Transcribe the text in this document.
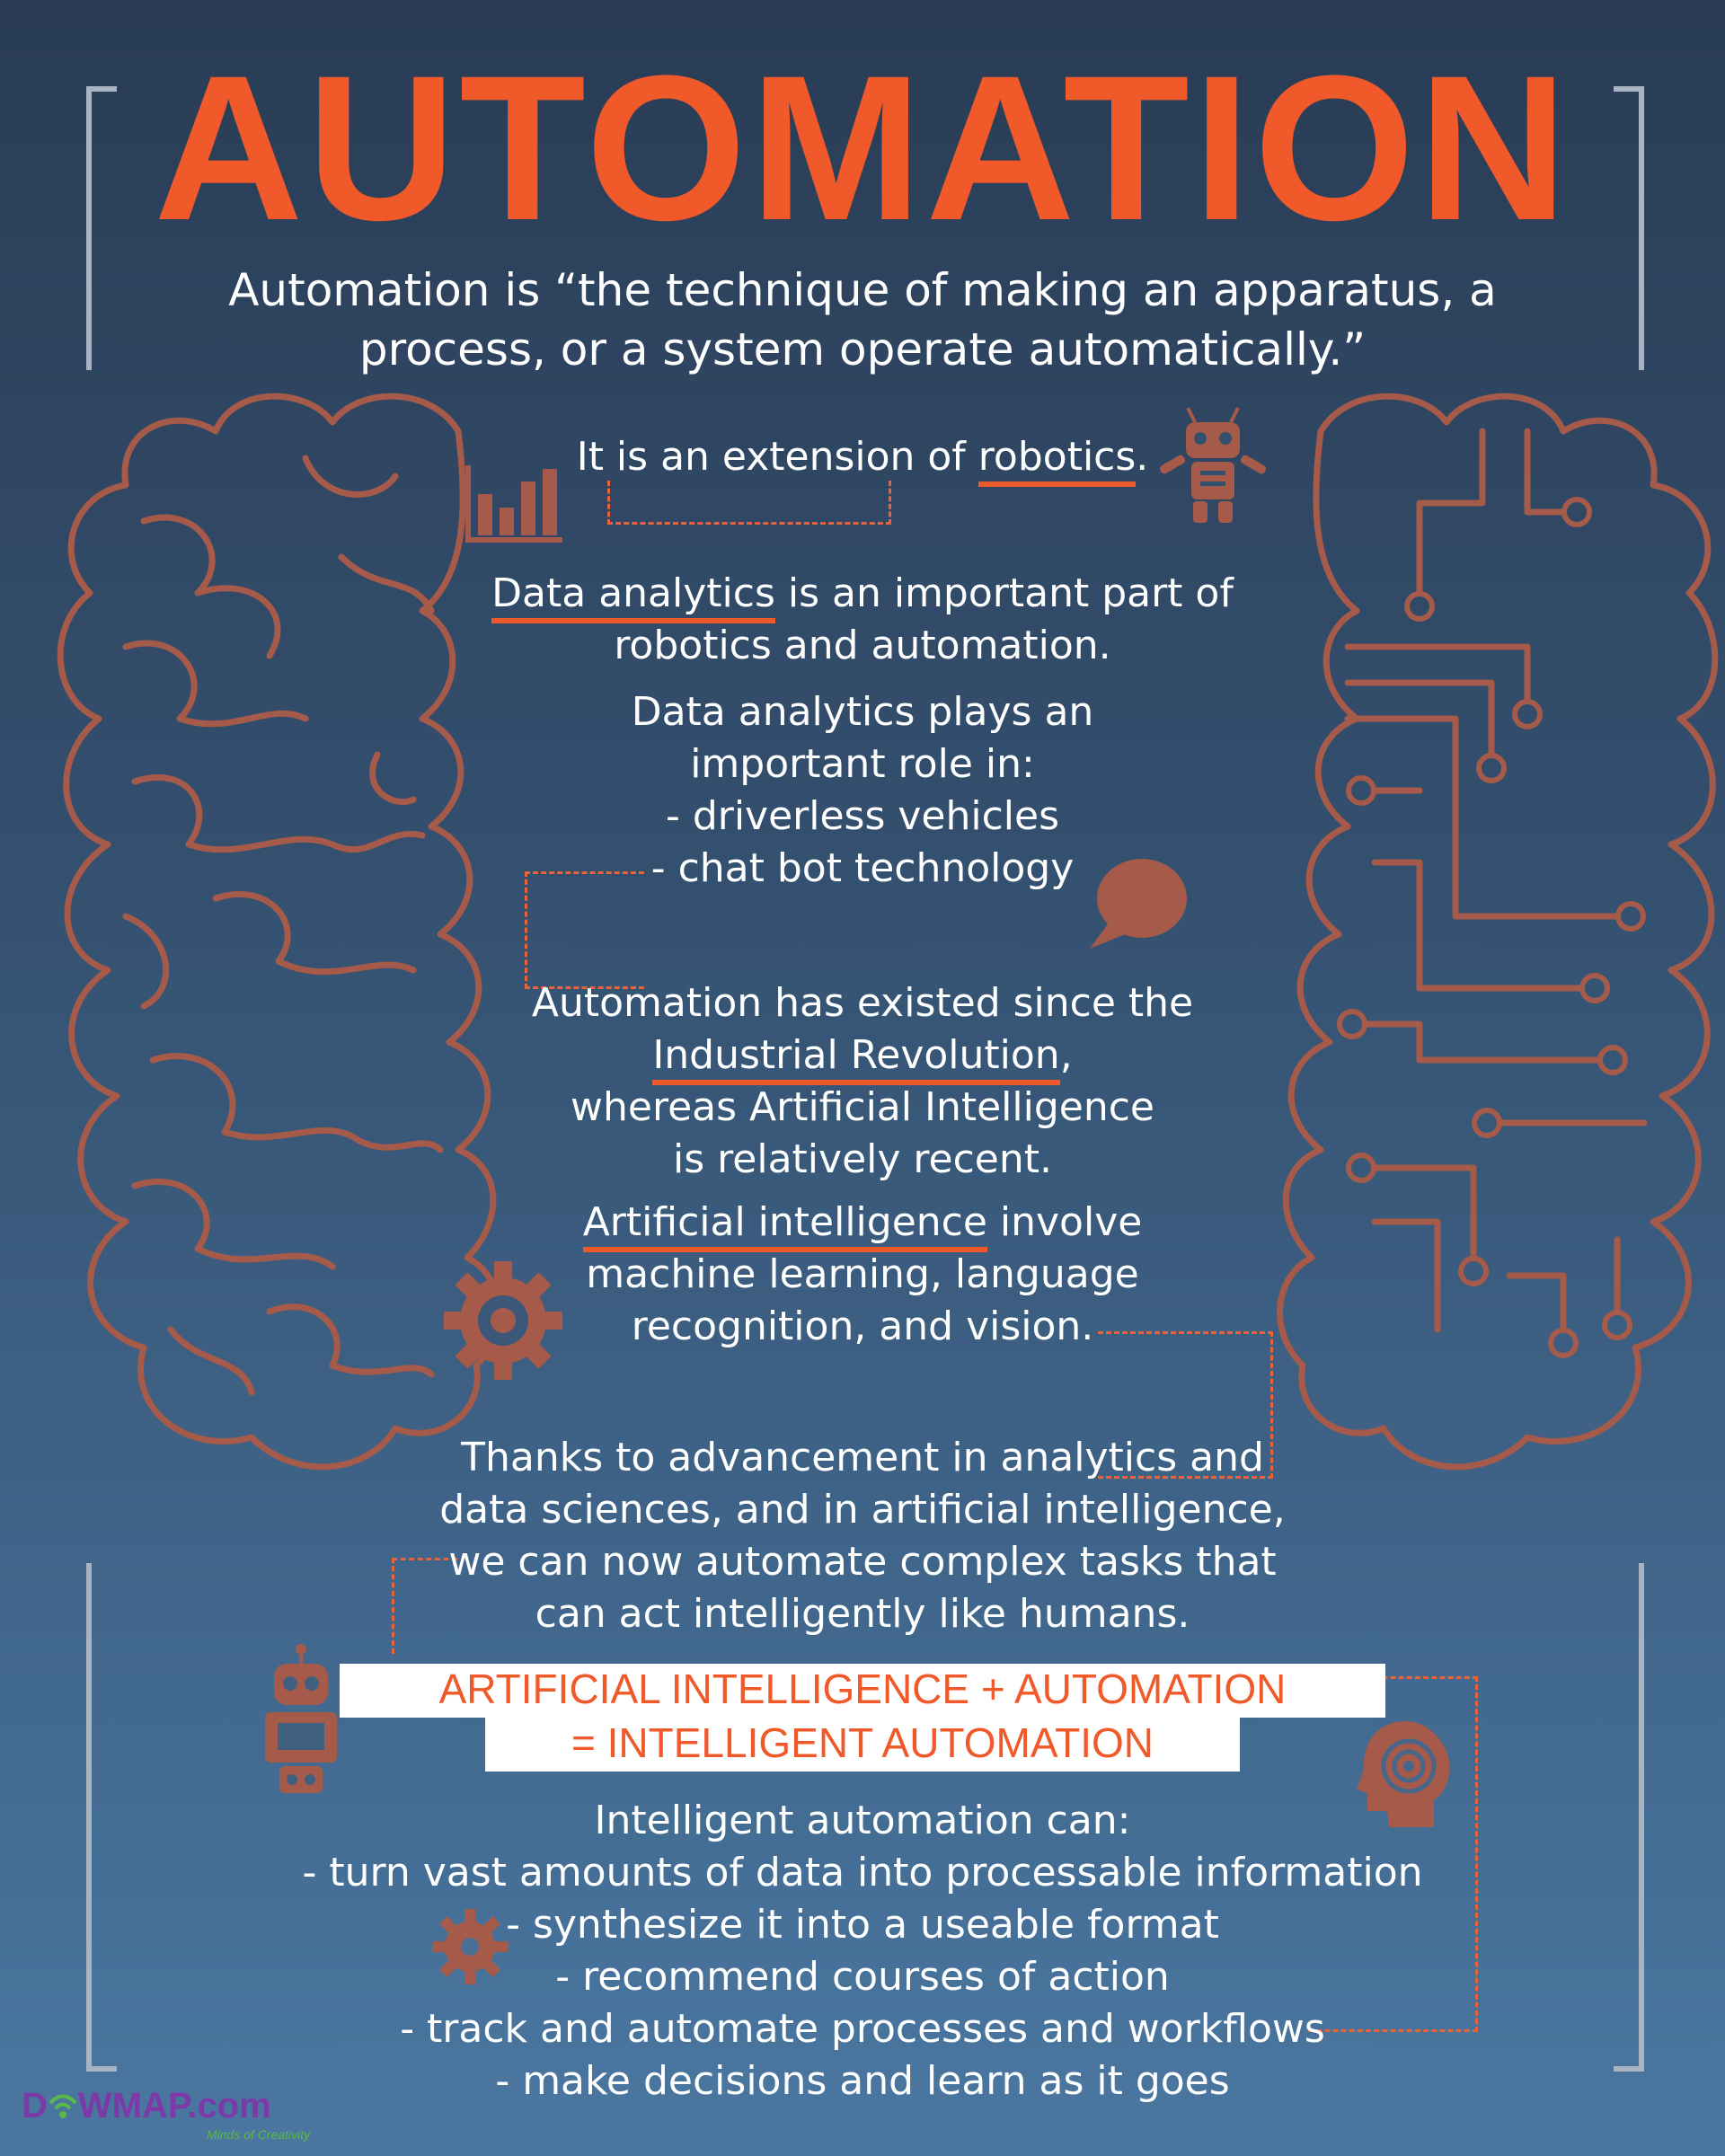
AUTOMATION
Automation is “the technique of making an apparatus, a
process, or a system operate automatically.”
It is an extension of robotics.
Data analytics is an important part of
robotics and automation.
Data analytics plays an
important role in:
- driverless vehicles
- chat bot technology
Automation has existed since the
Industrial Revolution,
whereas Artificial Intelligence
is relatively recent.
Artificial intelligence involve
machine learning, language
recognition, and vision.
Thanks to advancement in analytics and
data sciences, and in artificial intelligence,
we can now automate complex tasks that
can act intelligently like humans.
ARTIFICIAL INTELLIGENCE + AUTOMATION
= INTELLIGENT AUTOMATION
Intelligent automation can:
- turn vast amounts of data into processable information
- synthesize it into a useable format
- recommend courses of action
- track and automate processes and workflows
- make decisions and learn as it goes
D WMAP.com
Minds of Creativity
